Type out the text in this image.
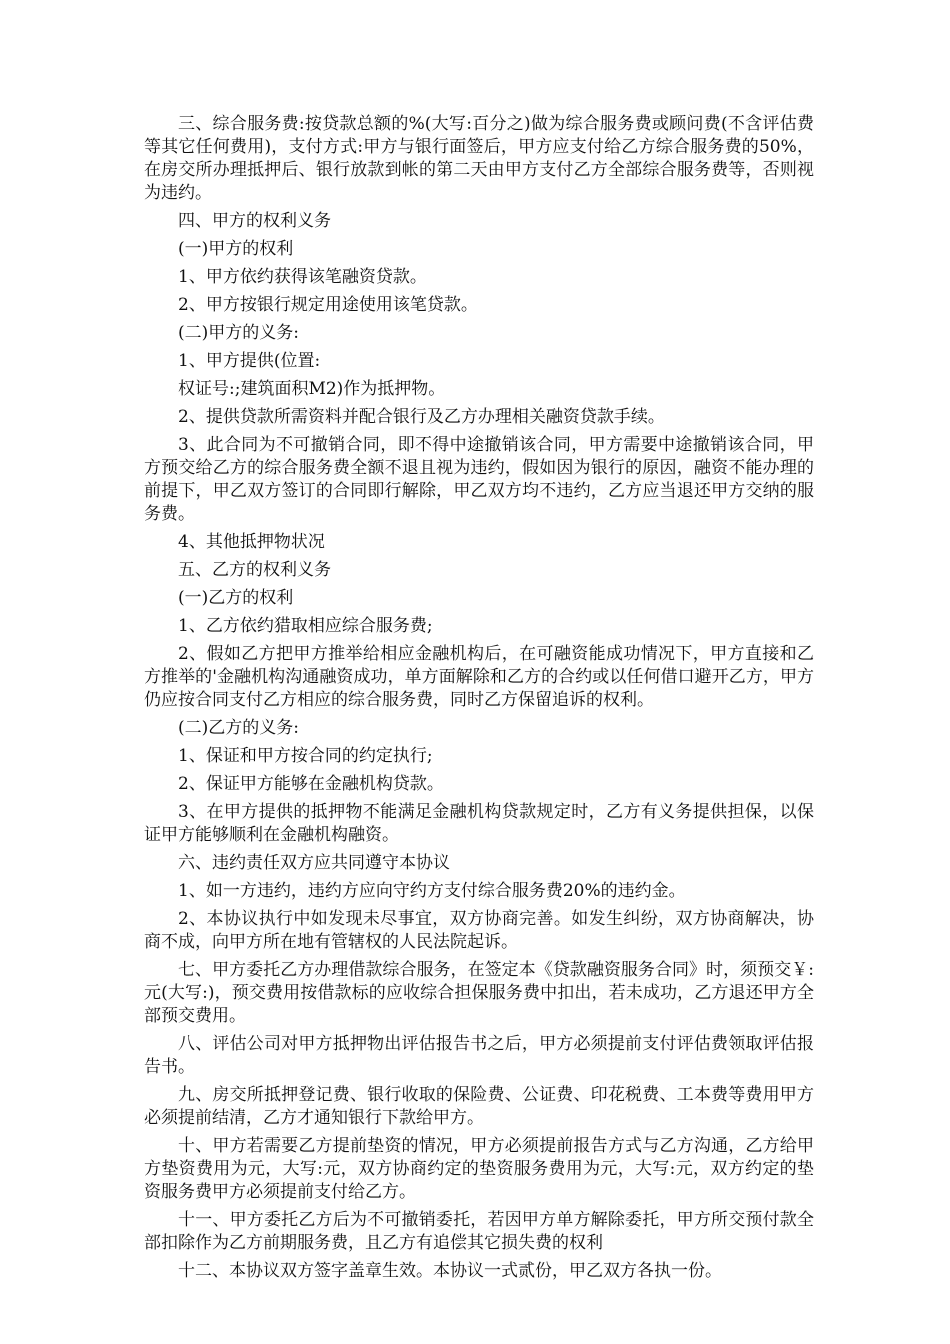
三、综合服务费:按贷款总额的%(大写:百分之)做为综合服务费或顾问费(不含评估费等其它任何费用)，支付方式:甲方与银行面签后，甲方应支付给乙方综合服务费的50%，在房交所办理抵押后、银行放款到帐的第二天由甲方支付乙方全部综合服务费等，否则视为违约。

四、甲方的权利义务

(一)甲方的权利

1、甲方依约获得该笔融资贷款。

2、甲方按银行规定用途使用该笔贷款。

(二)甲方的义务:

1、甲方提供(位置:

权证号:;建筑面积M2)作为抵押物。

2、提供贷款所需资料并配合银行及乙方办理相关融资贷款手续。

3、此合同为不可撤销合同，即不得中途撤销该合同，甲方需要中途撤销该合同，甲方预交给乙方的综合服务费全额不退且视为违约，假如因为银行的原因，融资不能办理的前提下，甲乙双方签订的合同即行解除，甲乙双方均不违约，乙方应当退还甲方交纳的服务费。

4、其他抵押物状况

五、乙方的权利义务

(一)乙方的权利

1、乙方依约猎取相应综合服务费;

2、假如乙方把甲方推举给相应金融机构后，在可融资能成功情况下，甲方直接和乙方推举的'金融机构沟通融资成功，单方面解除和乙方的合约或以任何借口避开乙方，甲方仍应按合同支付乙方相应的综合服务费，同时乙方保留追诉的权利。

(二)乙方的义务:

1、保证和甲方按合同的约定执行;

2、保证甲方能够在金融机构贷款。

3、在甲方提供的抵押物不能满足金融机构贷款规定时，乙方有义务提供担保，以保证甲方能够顺利在金融机构融资。

六、违约责任双方应共同遵守本协议

1、如一方违约，违约方应向守约方支付综合服务费20%的违约金。

2、本协议执行中如发现未尽事宜，双方协商完善。如发生纠纷，双方协商解决，协商不成，向甲方所在地有管辖权的人民法院起诉。

七、甲方委托乙方办理借款综合服务，在签定本《贷款融资服务合同》时，须预交￥:元(大写:)，预交费用按借款标的应收综合担保服务费中扣出，若未成功，乙方退还甲方全部预交费用。

八、评估公司对甲方抵押物出评估报告书之后，甲方必须提前支付评估费领取评估报告书。

九、房交所抵押登记费、银行收取的保险费、公证费、印花税费、工本费等费用甲方必须提前结清，乙方才通知银行下款给甲方。

十、甲方若需要乙方提前垫资的情况，甲方必须提前报告方式与乙方沟通，乙方给甲方垫资费用为元，大写:元，双方协商约定的垫资服务费用为元，大写:元，双方约定的垫资服务费甲方必须提前支付给乙方。

十一、甲方委托乙方后为不可撤销委托，若因甲方单方解除委托，甲方所交预付款全部扣除作为乙方前期服务费，且乙方有追偿其它损失费的权利

十二、本协议双方签字盖章生效。本协议一式贰份，甲乙双方各执一份。
